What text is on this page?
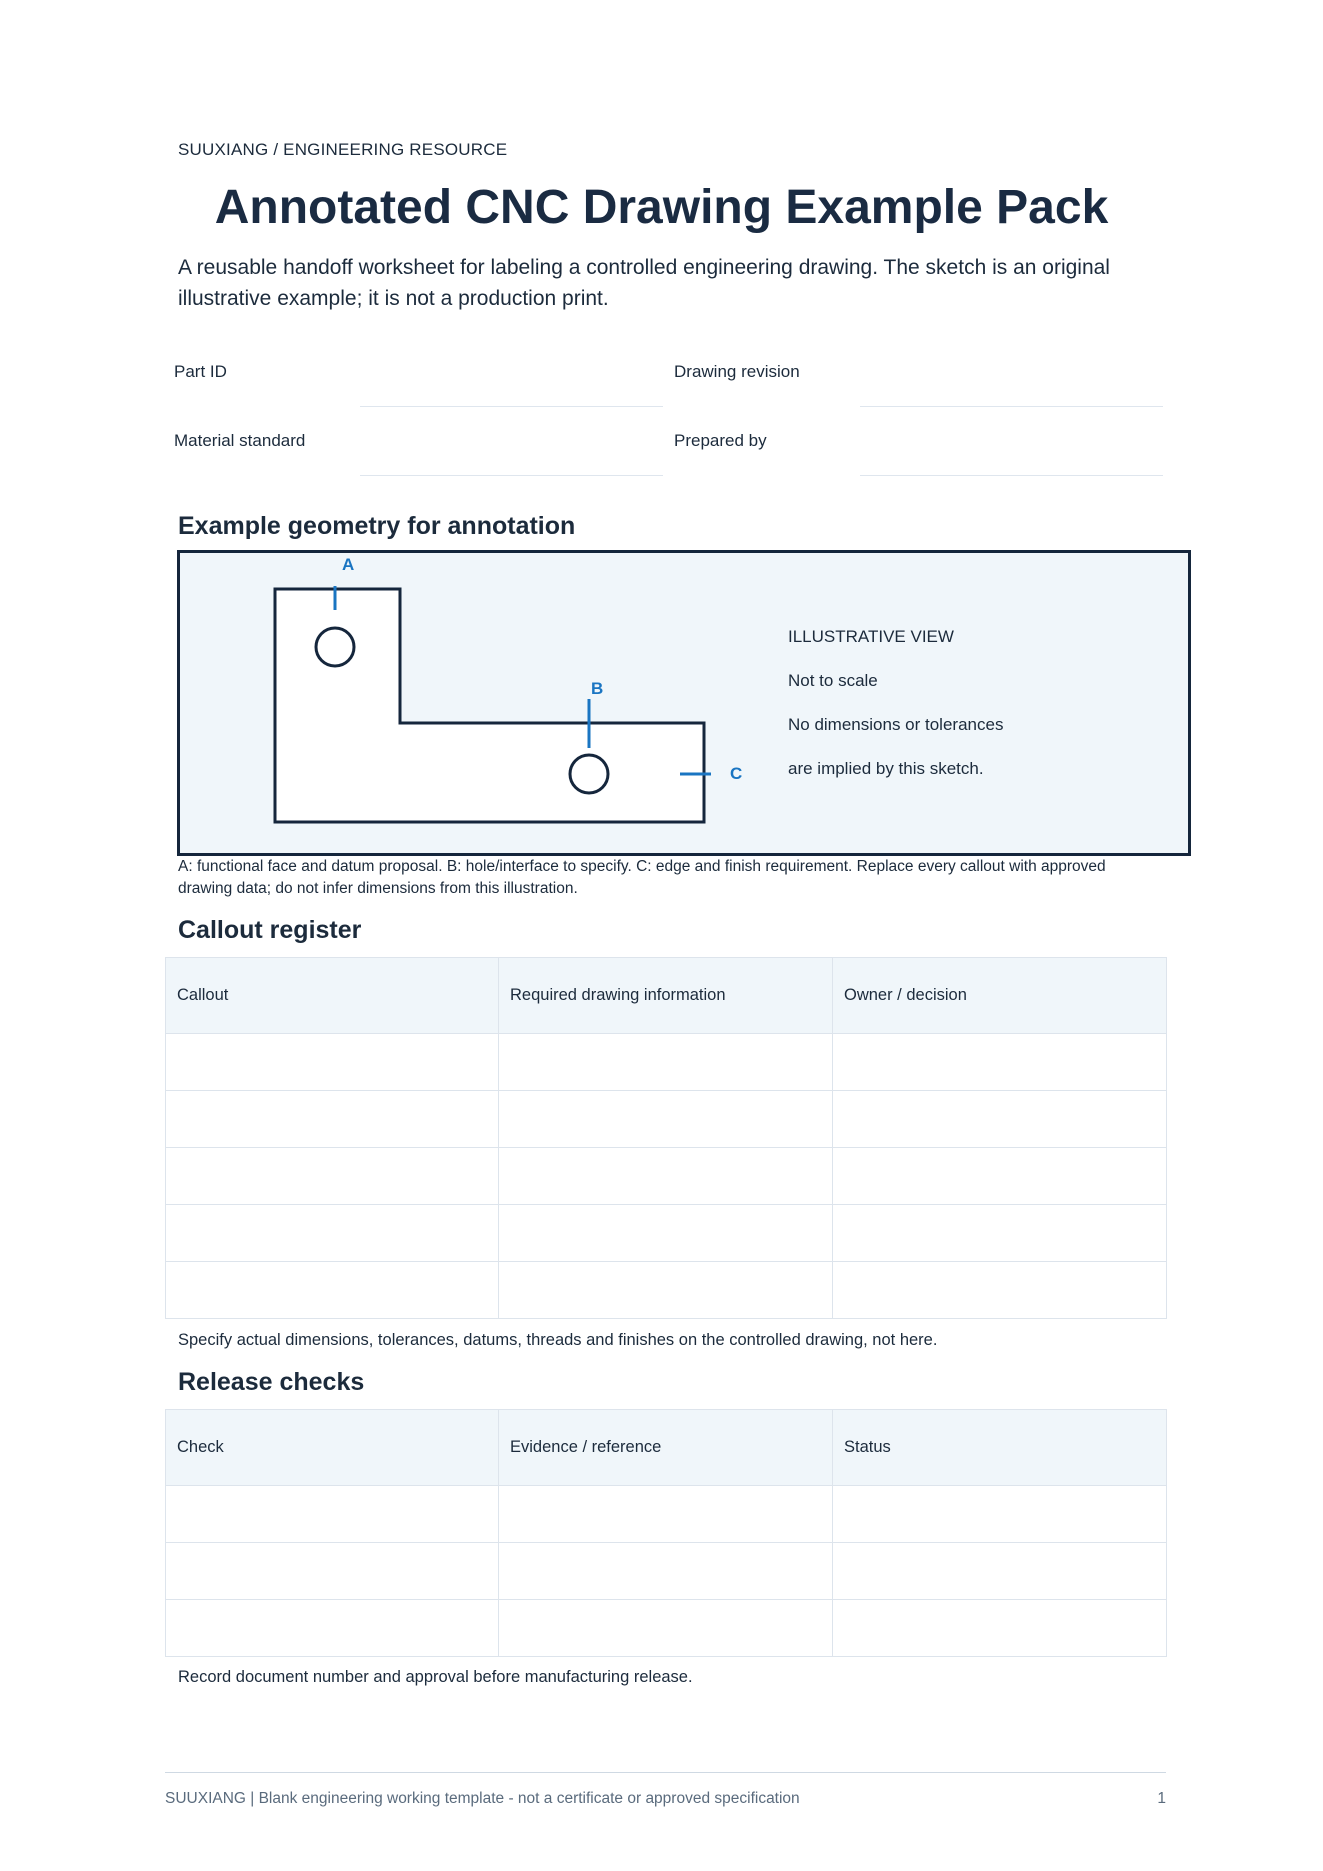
SUUXIANG / ENGINEERING RESOURCE
Annotated CNC Drawing Example Pack
A reusable handoff worksheet for labeling a controlled engineering drawing. The sketch is an original illustrative example; it is not a production print.
Part ID	Drawing revision
Material standard	Prepared by
Example geometry for annotation
A
B
C
ILLUSTRATIVE VIEW
Not to scale
No dimensions or tolerances
are implied by this sketch.
A: functional face and datum proposal. B: hole/interface to specify. C: edge and finish requirement. Replace every callout with approved drawing data; do not infer dimensions from this illustration.
Callout register
Callout	Required drawing information	Owner / decision

Specify actual dimensions, tolerances, datums, threads and finishes on the controlled drawing, not here.
Release checks
Check	Evidence / reference	Status

Record document number and approval before manufacturing release.
SUUXIANG | Blank engineering working template - not a certificate or approved specification	1
